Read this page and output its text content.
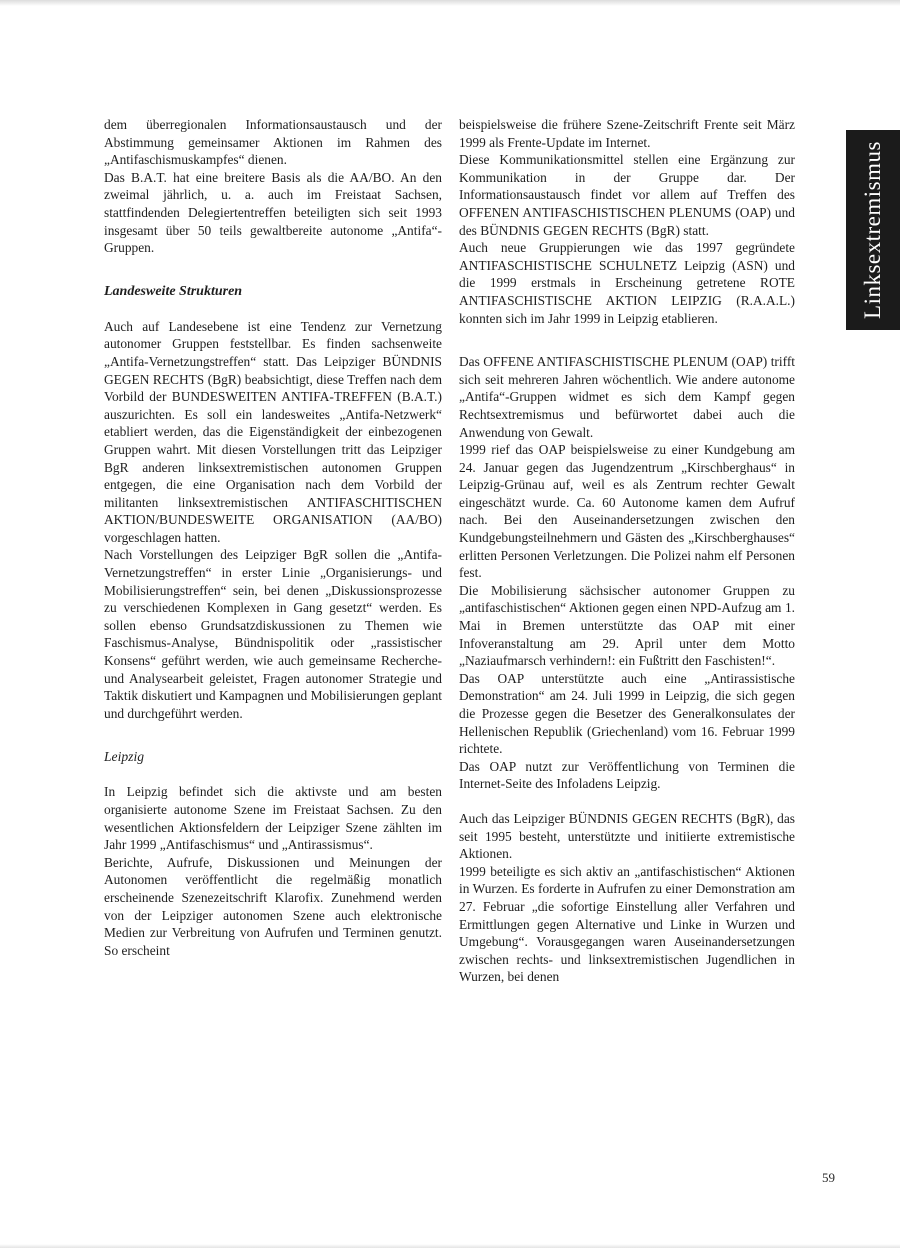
dem überregionalen Informationsaustausch und der Abstimmung gemeinsamer Aktionen im Rahmen des „Antifaschismuskampfes“ dienen.

Das B.A.T. hat eine breitere Basis als die AA/BO. An den zweimal jährlich, u. a. auch im Freistaat Sachsen, stattfindenden Delegiertentreffen beteiligten sich seit 1993 insgesamt über 50 teils gewaltbereite autonome „Antifa“-Gruppen.

Landesweite Strukturen

Auch auf Landesebene ist eine Tendenz zur Vernetzung autonomer Gruppen feststellbar. Es finden sachsenweite „Antifa-Vernetzungstreffen“ statt. Das Leipziger BÜNDNIS GEGEN RECHTS (BgR) beabsichtigt, diese Treffen nach dem Vorbild der BUNDESWEITEN ANTIFA-TREFFEN (B.A.T.) auszurichten. Es soll ein landesweites „Antifa-Netzwerk“ etabliert werden, das die Eigenständigkeit der einbezogenen Gruppen wahrt. Mit diesen Vorstellungen tritt das Leipziger BgR anderen linksextremistischen autonomen Gruppen entgegen, die eine Organisation nach dem Vorbild der militanten linksextremistischen ANTIFASCHITISCHEN AKTION/BUNDESWEITE ORGANISATION (AA/BO) vorgeschlagen hatten.

Nach Vorstellungen des Leipziger BgR sollen die „Antifa-Vernetzungstreffen“ in erster Linie „Organisierungs- und Mobilisierungstreffen“ sein, bei denen „Diskussionsprozesse zu verschiedenen Komplexen in Gang gesetzt“ werden. Es sollen ebenso Grundsatzdiskussionen zu Themen wie Faschismus-Analyse, Bündnispolitik oder „rassistischer Konsens“ geführt werden, wie auch gemeinsame Recherche- und Analysearbeit geleistet, Fragen autonomer Strategie und Taktik diskutiert und Kampagnen und Mobilisierungen geplant und durchgeführt werden.

Leipzig

In Leipzig befindet sich die aktivste und am besten organisierte autonome Szene im Freistaat Sachsen. Zu den wesentlichen Aktionsfeldern der Leipziger Szene zählten im Jahr 1999 „Antifaschismus“ und „Antirassismus“.

Berichte, Aufrufe, Diskussionen und Meinungen der Autonomen veröffentlicht die regelmäßig monatlich erscheinende Szenezeitschrift Klarofix. Zunehmend werden von der Leipziger autonomen Szene auch elektronische Medien zur Verbreitung von Aufrufen und Terminen genutzt. So erscheint

beispielsweise die frühere Szene-Zeitschrift Frente seit März 1999 als Frente-Update im Internet.

Diese Kommunikationsmittel stellen eine Ergänzung zur Kommunikation in der Gruppe dar. Der Informationsaustausch findet vor allem auf Treffen des OFFENEN ANTIFASCHISTISCHEN PLENUMS (OAP) und des BÜNDNIS GEGEN RECHTS (BgR) statt.

Auch neue Gruppierungen wie das 1997 gegründete ANTIFASCHISTISCHE SCHULNETZ Leipzig (ASN) und die 1999 erstmals in Erscheinung getretene ROTE ANTIFASCHISTISCHE AKTION LEIPZIG (R.A.A.L.) konnten sich im Jahr 1999 in Leipzig etablieren.

Das OFFENE ANTIFASCHISTISCHE PLENUM (OAP) trifft sich seit mehreren Jahren wöchentlich. Wie andere autonome „Antifa“-Gruppen widmet es sich dem Kampf gegen Rechtsextremismus und befürwortet dabei auch die Anwendung von Gewalt.

1999 rief das OAP beispielsweise zu einer Kundgebung am 24. Januar gegen das Jugendzentrum „Kirschberghaus“ in Leipzig-Grünau auf, weil es als Zentrum rechter Gewalt eingeschätzt wurde. Ca. 60 Autonome kamen dem Aufruf nach. Bei den Auseinandersetzungen zwischen den Kundgebungsteilnehmern und Gästen des „Kirschberghauses“ erlitten Personen Verletzungen. Die Polizei nahm elf Personen fest.

Die Mobilisierung sächsischer autonomer Gruppen zu „antifaschistischen“ Aktionen gegen einen NPD-Aufzug am 1. Mai in Bremen unterstützte das OAP mit einer Infoveranstaltung am 29. April unter dem Motto „Naziaufmarsch verhindern!: ein Fußtritt den Faschisten!“.

Das OAP unterstützte auch eine „Antirassistische Demonstration“ am 24. Juli 1999 in Leipzig, die sich gegen die Prozesse gegen die Besetzer des Generalkonsulates der Hellenischen Republik (Griechenland) vom 16. Februar 1999 richtete.

Das OAP nutzt zur Veröffentlichung von Terminen die Internet-Seite des Infoladens Leipzig.

Auch das Leipziger BÜNDNIS GEGEN RECHTS (BgR), das seit 1995 besteht, unterstützte und initiierte extremistische Aktionen.

1999 beteiligte es sich aktiv an „antifaschistischen“ Aktionen in Wurzen. Es forderte in Aufrufen zu einer Demonstration am 27. Februar „die sofortige Einstellung aller Verfahren und Ermittlungen gegen Alternative und Linke in Wurzen und Umgebung“. Vorausgegangen waren Auseinandersetzungen zwischen rechts- und linksextremistischen Jugendlichen in Wurzen, bei denen

Linksextremismus
59
